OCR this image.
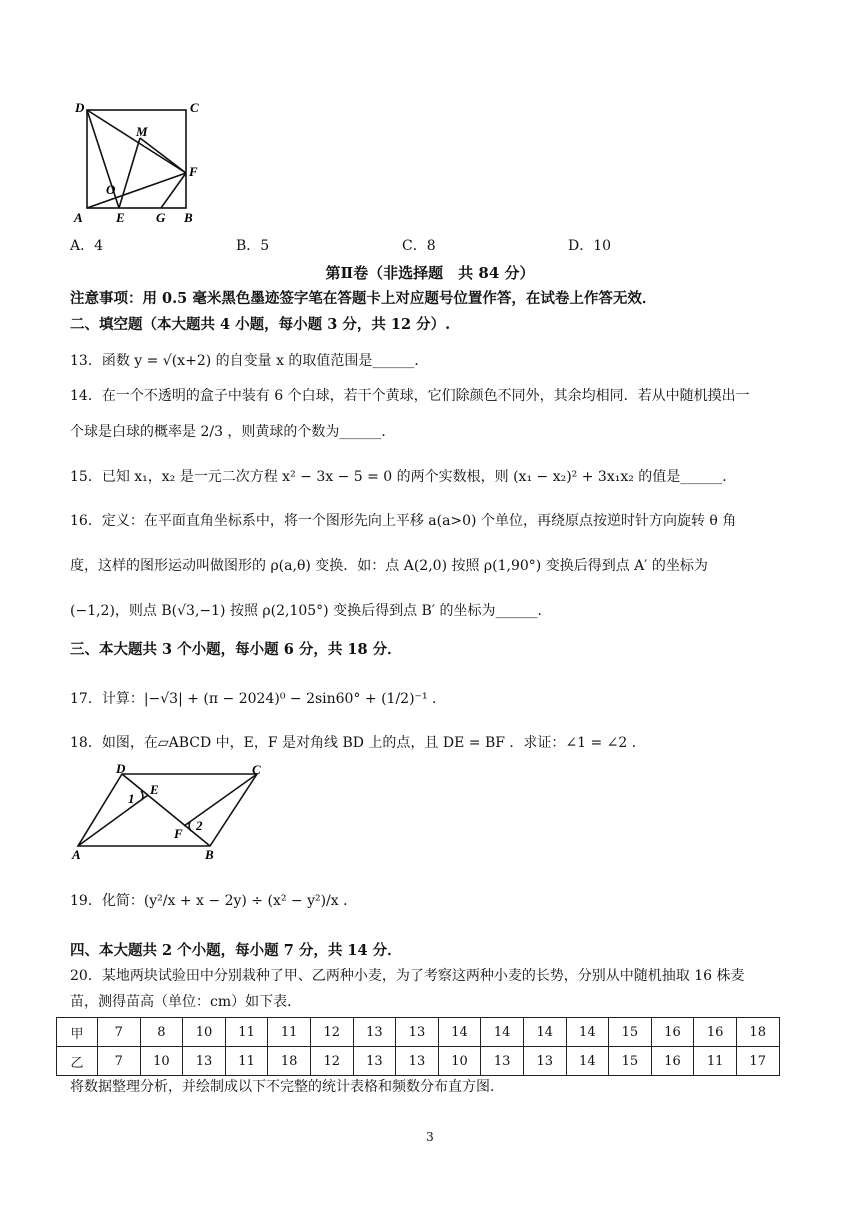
D	C
M
F
O
A	E G B
A．4	B．5	C．8	D．10
第Ⅱ卷（非选择题　共 84 分）
注意事项：用 0.5 毫米黑色墨迹签字笔在答题卡上对应题号位置作答，在试卷上作答无效．
二、填空题（本大题共 4 小题，每小题 3 分，共 12 分）.
13．函数 y = √(x+2) 的自变量 x 的取值范围是______．
14．在一个不透明的盒子中装有 6 个白球，若干个黄球，它们除颜色不同外，其余均相同．若从中随机摸出一
个球是白球的概率是 2/3 ，则黄球的个数为______．
15．已知 x₁，x₂ 是一元二次方程 x² − 3x − 5 = 0 的两个实数根，则 (x₁ − x₂)² + 3x₁x₂ 的值是______．
16．定义：在平面直角坐标系中，将一个图形先向上平移 a(a>0) 个单位，再绕原点按逆时针方向旋转 θ 角
度，这样的图形运动叫做图形的 ρ(a,θ) 变换．如：点 A(2,0) 按照 ρ(1,90°) 变换后得到点 A′ 的坐标为
(−1,2)，则点 B(√3,−1) 按照 ρ(2,105°) 变换后得到点 B′ 的坐标为______．
三、本大题共 3 个小题，每小题 6 分，共 18 分．
17．计算：|−√3| + (π − 2024)⁰ − 2sin60° + (1/2)⁻¹ ．
18．如图，在▱ABCD 中，E，F 是对角线 BD 上的点，且 DE = BF ．求证：∠1 = ∠2 ．
D	C
E
1
F
2
A	B
19．化简：(y²/x + x − 2y) ÷ (x² − y²)/x ．
四、本大题共 2 个小题，每小题 7 分，共 14 分．
20．某地两块试验田中分别栽种了甲、乙两种小麦，为了考察这两种小麦的长势，分别从中随机抽取 16 株麦
苗，测得苗高（单位：cm）如下表．
甲	7	8	10	11	11	12	13	13	14	14	14	14	15	16	16	18
乙	7	10	13	11	18	12	13	13	10	13	13	14	15	16	11	17
将数据整理分析，并绘制成以下不完整的统计表格和频数分布直方图．
3
